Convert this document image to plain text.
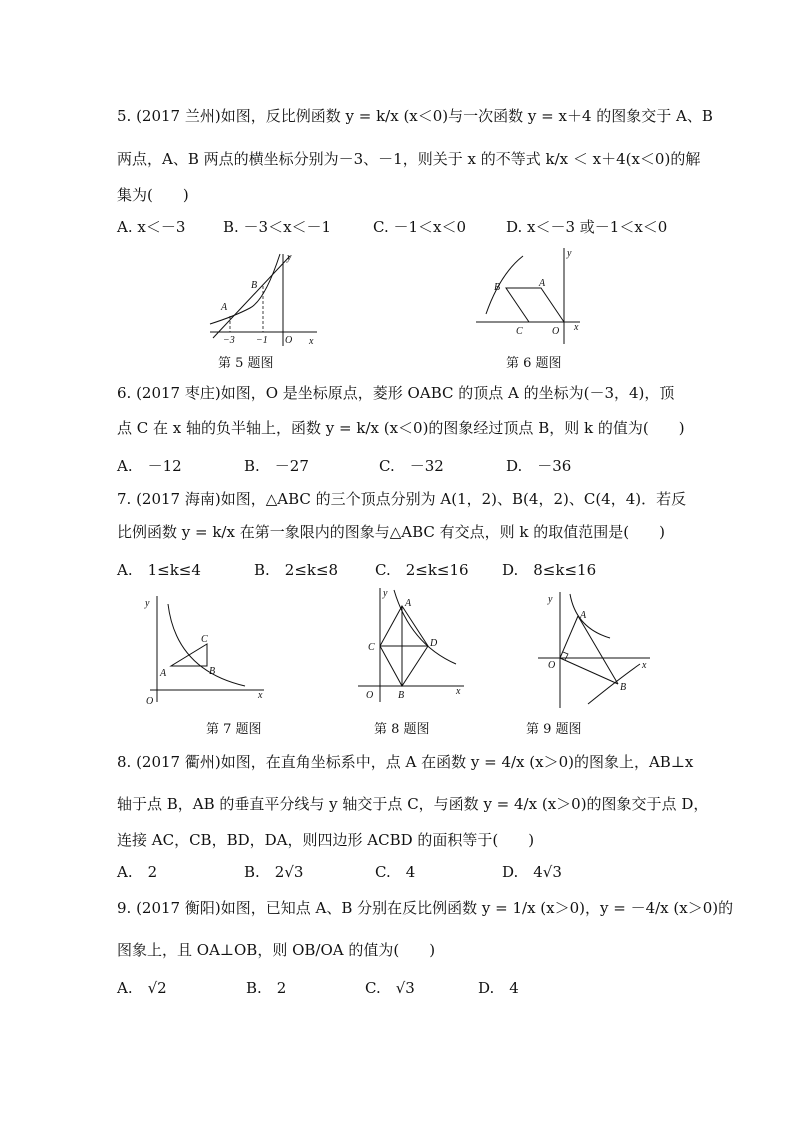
5. (2017 兰州)如图，反比例函数 y = k/x (x＜0)与一次函数 y = x＋4 的图象交于 A、B
两点，A、B 两点的横坐标分别为－3、－1，则关于 x 的不等式 k/x ＜ x＋4(x＜0)的解
集为(　　)
A. x＜－3	B. －3＜x＜－1	C. －1＜x＜0	D. x＜－3 或－1＜x＜0
A
B
−3 −1 O x
y
第 5 题图
A
B
C	O x
y
第 6 题图
6. (2017 枣庄)如图，O 是坐标原点，菱形 OABC 的顶点 A 的坐标为(－3，4)，顶
点 C 在 x 轴的负半轴上，函数 y = k/x (x＜0)的图象经过顶点 B，则 k 的值为(　　)
A.　－12	B.　－27	C.　－32	D.　－36
7. (2017 海南)如图，△ABC 的三个顶点分别为 A(1，2)、B(4，2)、C(4，4)．若反
比例函数 y = k/x 在第一象限内的图象与△ABC 有交点，则 k 的取值范围是(　　)
A.　1≤k≤4	B.　2≤k≤8 C.　2≤k≤16 D.　8≤k≤16
A	B
C
O
x
y
第 7 题图
A
B
C	D
O	x
y
第 8 题图
A
B
O	x
y
第 9 题图
8. (2017 衢州)如图，在直角坐标系中，点 A 在函数 y = 4/x (x＞0)的图象上，AB⊥x
轴于点 B，AB 的垂直平分线与 y 轴交于点 C，与函数 y = 4/x (x＞0)的图象交于点 D，
连接 AC，CB，BD，DA，则四边形 ACBD 的面积等于(　　)
A.　2	B.　2√3	C.　4	D.　4√3
9. (2017 衡阳)如图，已知点 A、B 分别在反比例函数 y = 1/x (x＞0)，y = －4/x (x＞0)的
图象上，且 OA⊥OB，则 OB/OA 的值为(　　)
A.　√2	B.　2	C.　√3	D.　4
